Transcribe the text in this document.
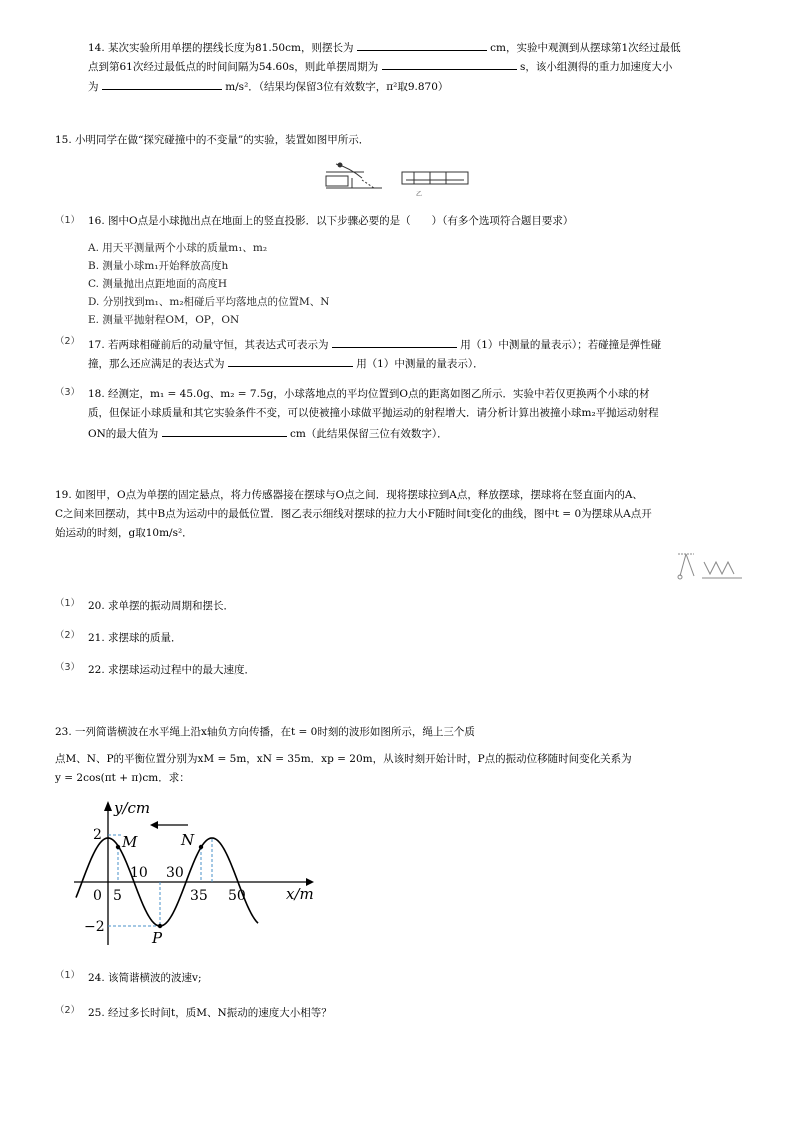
14. 某次实验所用单摆的摆线长度为81.50cm，则摆长为	cm，实验中观测到从摆球第1次经过最低
点到第61次经过最低点的时间间隔为54.60s，则此单摆周期为	s，该小组测得的重力加速度大小
为	m/s²．（结果均保留3位有效数字，π²取9.870）
15. 小明同学在做“探究碰撞中的不变量”的实验，装置如图甲所示．
乙
（1） 16. 图中O点是小球抛出点在地面上的竖直投影．以下步骤必要的是（　　）（有多个选项符合题目要求）
A. 用天平测量两个小球的质量m₁、m₂
B. 测量小球m₁开始释放高度h
C. 测量抛出点距地面的高度H
D. 分别找到m₁、m₂相碰后平均落地点的位置M、N
E. 测量平抛射程OM，OP，ON
（2） 17. 若两球相碰前后的动量守恒，其表达式可表示为	用（1）中测量的量表示）；若碰撞是弹性碰
撞，那么还应满足的表达式为	用（1）中测量的量表示）．
（3） 18. 经测定，m₁ = 45.0g、m₂ = 7.5g，小球落地点的平均位置到O点的距离如图乙所示．实验中若仅更换两个小球的材
质，但保证小球质量和其它实验条件不变，可以使被撞小球做平抛运动的射程增大．请分析计算出被撞小球m₂平抛运动射程
ON的最大值为	cm（此结果保留三位有效数字）．
19. 如图甲，O点为单摆的固定悬点，将力传感器接在摆球与O点之间．现将摆球拉到A点，释放摆球，摆球将在竖直面内的A、
C之间来回摆动，其中B点为运动中的最低位置．图乙表示细线对摆球的拉力大小F随时间t变化的曲线，图中t = 0为摆球从A点开
始运动的时刻，g取10m/s²．
（1） 20. 求单摆的振动周期和摆长．
（2） 21. 求摆球的质量．
（3） 22. 求摆球运动过程中的最大速度．
23. 一列简谐横波在水平绳上沿x轴负方向传播，在t = 0时刻的波形如图所示，绳上三个质
点M、N、P的平衡位置分别为xM = 5m，xN = 35m．xp = 20m，从该时刻开始计时，P点的振动位移随时间变化关系为
y = 2cos(πt + π)cm．求：
y/cm
x/m
2
−2
10 30
0 5	35 50
M	N
P
（1） 24. 该简谐横波的波速v;
（2） 25. 经过多长时间t，质M、N振动的速度大小相等？
